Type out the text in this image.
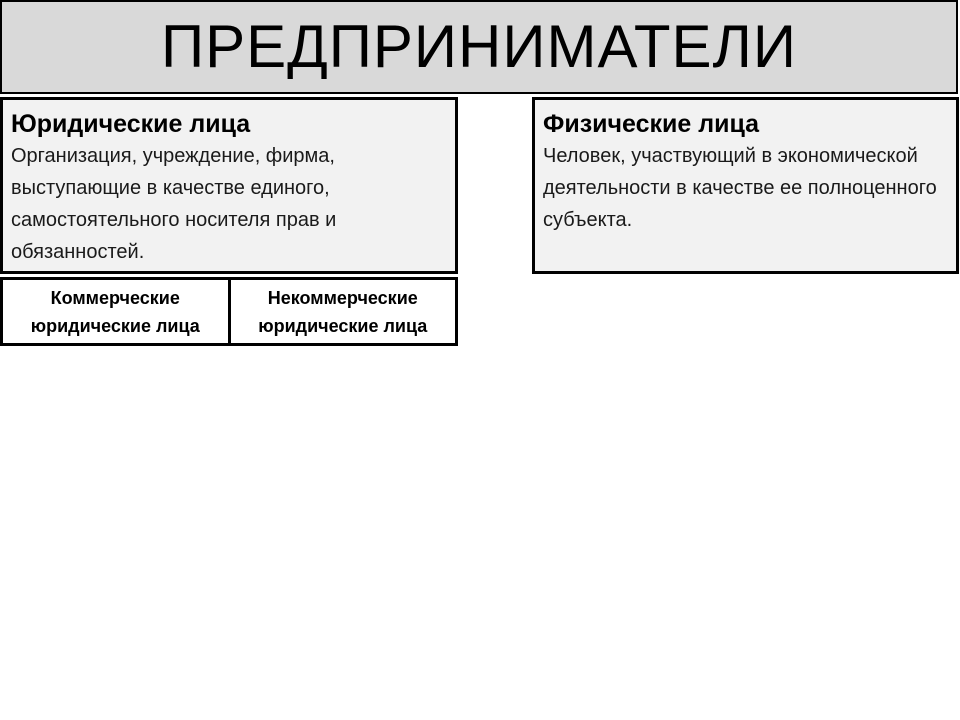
ПРЕДПРИНИМАТЕЛИ
Юридические лица
Организация, учреждение, фирма, выступающие в качестве единого, самостоятельного носителя прав и обязанностей.
Физические лица
Человек, участвующий в экономической деятельности в качестве ее полноценного субъекта.
Коммерческие юридические лица
Некоммерческие юридические лица
